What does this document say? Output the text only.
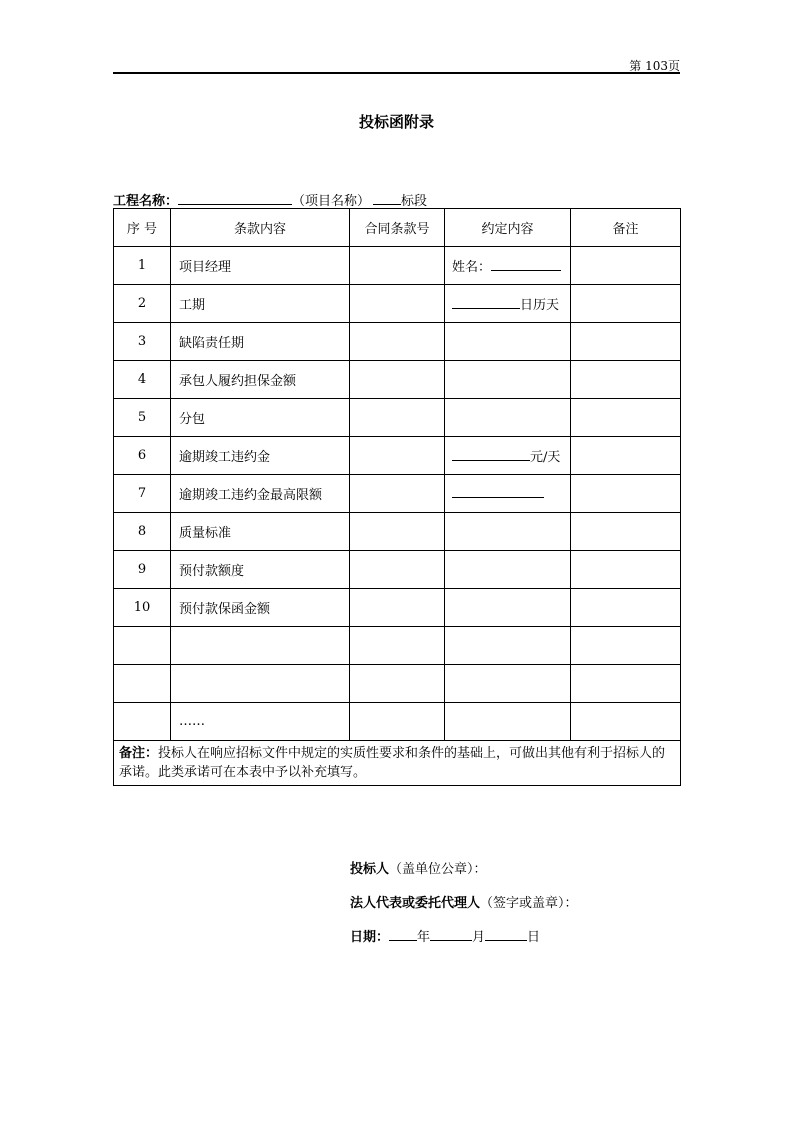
第 103页
投标函附录
工程名称：	（项目名称） 标段
序 号	条款内容	合同条款号	约定内容	备注
1	项目经理		姓名：	
2	工期		日历天	
3	缺陷责任期			
4	承包人履约担保金额			
5	分包			
6	逾期竣工违约金		元/天	
7	逾期竣工违约金最高限额			
8	质量标准			
9	预付款额度			
10	预付款保函金额			

	……			
备注：投标人在响应招标文件中规定的实质性要求和条件的基础上，可做出其他有利于招标人的承诺。此类承诺可在本表中予以补充填写。				
投标人（盖单位公章）：
法人代表或委托代理人（签字或盖章）：
日期： 年	月	日
